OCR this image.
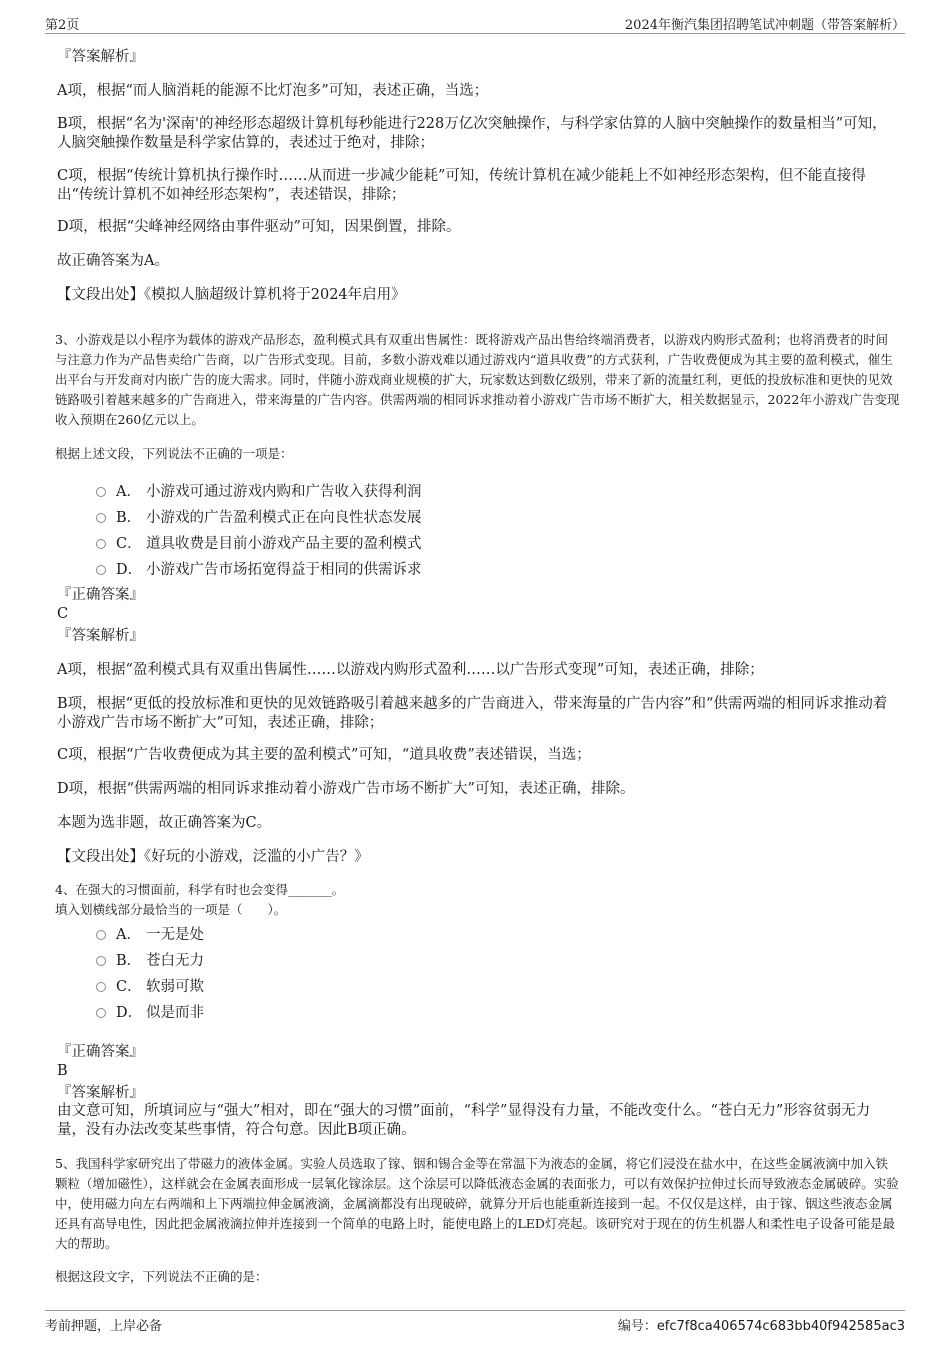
第2页	2024年衡汽集团招聘笔试冲刺题（带答案解析）
『答案解析』
A项，根据“而人脑消耗的能源不比灯泡多”可知，表述正确，当选；
B项，根据“名为'深南'的神经形态超级计算机每秒能进行228万亿次突触操作，与科学家估算的人脑中突触操作的数量相当”可知，人脑突触操作数量是科学家估算的，表述过于绝对，排除；
C项，根据“传统计算机执行操作时……从而进一步减少能耗”可知，传统计算机在减少能耗上不如神经形态架构，但不能直接得出“传统计算机不如神经形态架构”，表述错误，排除；
D项，根据“尖峰神经网络由事件驱动”可知，因果倒置，排除。
故正确答案为A。
【文段出处】《模拟人脑超级计算机将于2024年启用》
3、小游戏是以小程序为载体的游戏产品形态，盈利模式具有双重出售属性：既将游戏产品出售给终端消费者，以游戏内购形式盈利；也将消费者的时间与注意力作为产品售卖给广告商，以广告形式变现。目前，多数小游戏难以通过游戏内“道具收费”的方式获利，广告收费便成为其主要的盈利模式，催生出平台与开发商对内嵌广告的庞大需求。同时，伴随小游戏商业规模的扩大，玩家数达到数亿级别，带来了新的流量红利，更低的投放标准和更快的见效链路吸引着越来越多的广告商进入，带来海量的广告内容。供需两端的相同诉求推动着小游戏广告市场不断扩大，相关数据显示，2022年小游戏广告变现收入预期在260亿元以上。
根据上述文段，下列说法不正确的一项是：
A． 小游戏可通过游戏内购和广告收入获得利润
B． 小游戏的广告盈利模式正在向良性状态发展
C． 道具收费是目前小游戏产品主要的盈利模式
D． 小游戏广告市场拓宽得益于相同的供需诉求
『正确答案』
C
『答案解析』
A项，根据“盈利模式具有双重出售属性……以游戏内购形式盈利……以广告形式变现”可知，表述正确，排除；
B项，根据“更低的投放标准和更快的见效链路吸引着越来越多的广告商进入，带来海量的广告内容”和“供需两端的相同诉求推动着小游戏广告市场不断扩大”可知，表述正确，排除；
C项，根据“广告收费便成为其主要的盈利模式”可知，“道具收费”表述错误，当选；
D项，根据“供需两端的相同诉求推动着小游戏广告市场不断扩大”可知，表述正确，排除。
本题为选非题，故正确答案为C。
【文段出处】《好玩的小游戏，泛滥的小广告？》
4、在强大的习惯面前，科学有时也会变得_______。
填入划横线部分最恰当的一项是（　　）。
A． 一无是处
B． 苍白无力
C． 软弱可欺
D． 似是而非
『正确答案』
B
『答案解析』
由文意可知，所填词应与“强大”相对，即在“强大的习惯”面前，“科学”显得没有力量，不能改变什么。“苍白无力”形容贫弱无力量，没有办法改变某些事情，符合句意。因此B项正确。
5、我国科学家研究出了带磁力的液体金属。实验人员选取了镓、铟和锡合金等在常温下为液态的金属，将它们浸没在盐水中，在这些金属液滴中加入铁颗粒（增加磁性），这样就会在金属表面形成一层氧化镓涂层。这个涂层可以降低液态金属的表面张力，可以有效保护拉伸过长而导致液态金属破碎。实验中，使用磁力向左右两端和上下两端拉伸金属液滴，金属滴都没有出现破碎，就算分开后也能重新连接到一起。不仅仅是这样，由于镓、铟这些液态金属还具有高导电性，因此把金属液滴拉伸并连接到一个简单的电路上时，能使电路上的LED灯亮起。该研究对于现在的仿生机器人和柔性电子设备可能是最大的帮助。
根据这段文字，下列说法不正确的是：
考前押题，上岸必备	编号：efc7f8ca406574c683bb40f942585ac3
